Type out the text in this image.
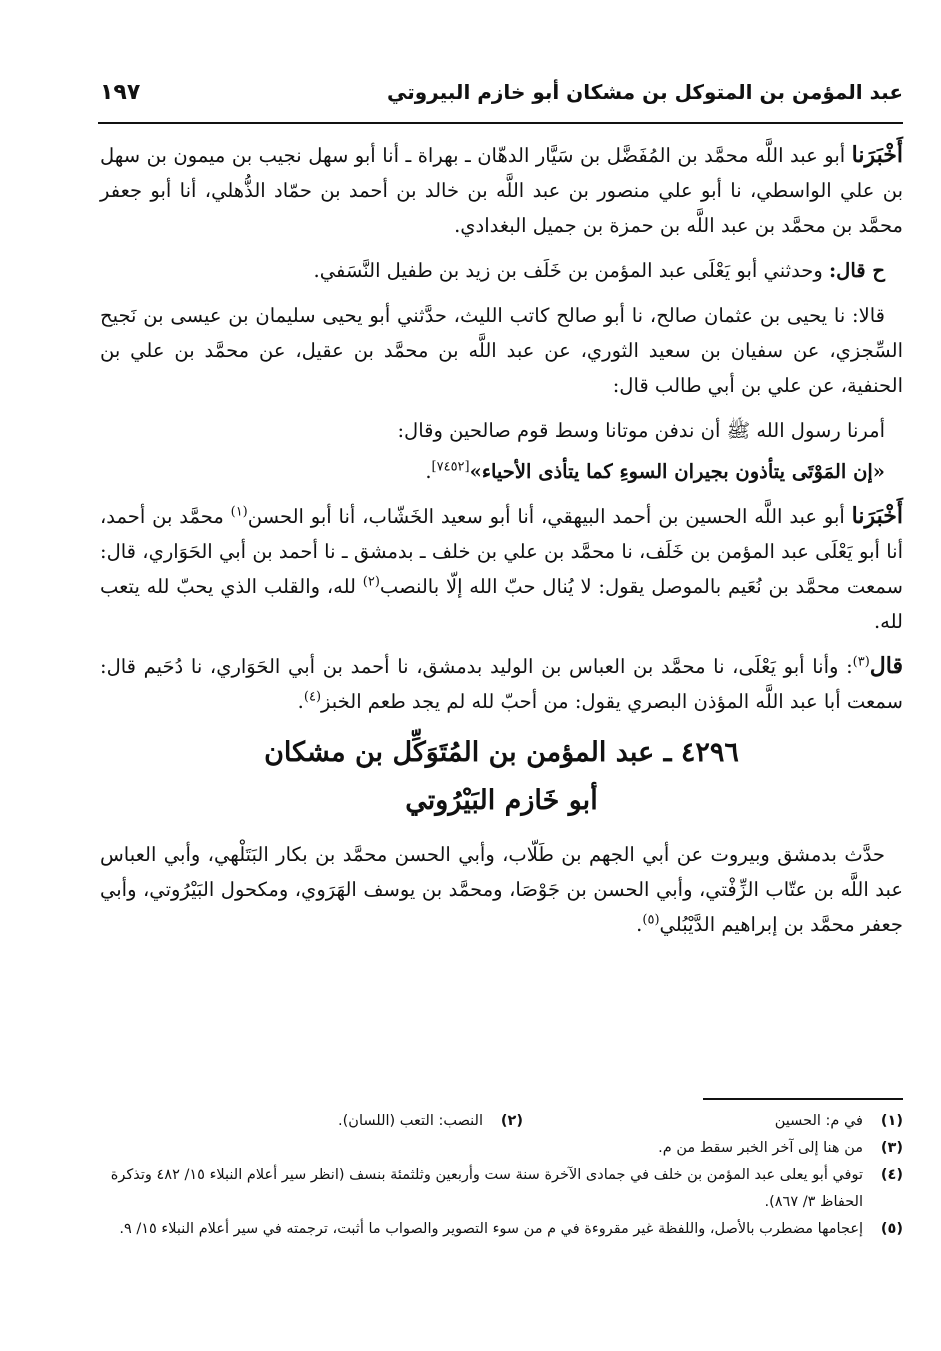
عبد المؤمن بن المتوكل بن مشكان أبو خازم البيروتي
١٩٧

أَخْبَرَنا أبو عبد اللَّه محمَّد بن المُفَضَّل بن سَيَّار الدهّان ـ بهراة ـ أنا أبو سهل نجيب بن ميمون بن سهل بن علي الواسطي، نا أبو علي منصور بن عبد اللَّه بن خالد بن أحمد بن حمّاد الذُّهلي، أنا أبو جعفر محمَّد بن محمَّد بن عبد اللَّه بن حمزة بن جميل البغدادي.

ح قال: وحدثني أبو يَعْلَى عبد المؤمن بن خَلَف بن زيد بن طفيل النَّسَفي.

قالا: نا يحيى بن عثمان صالح، نا أبو صالح كاتب الليث، حدَّثني أبو يحيى سليمان بن عيسى بن نَجيح السِّجزي، عن سفيان بن سعيد الثوري، عن عبد اللَّه بن محمَّد بن عقيل، عن محمَّد بن علي بن الحنفية، عن علي بن أبي طالب قال:

أمرنا رسول الله ﷺ أن ندفن موتانا وسط قوم صالحين وقال:

«إن المَوْتَى يتأذون بجيران السوءِ كما يتأذى الأحياء»[٧٤٥٢].

أَخْبَرَنا أبو عبد اللَّه الحسين بن أحمد البيهقي، أنا أبو سعيد الخَشّاب، أنا أبو الحسن$^{(١)}$ محمَّد بن أحمد، أنا أبو يَعْلَى عبد المؤمن بن خَلَف، نا محمَّد بن علي بن خلف ـ بدمشق ـ نا أحمد بن أبي الحَوَاري، قال: سمعت محمَّد بن نُعَيم بالموصل يقول: لا يُنال حبّ الله إلّا بالنصب$^{(٢)}$ لله، والقلب الذي يحبّ لله يتعب لله.

قال$^{(٣)}$: وأنا أبو يَعْلَى، نا محمَّد بن العباس بن الوليد بدمشق، نا أحمد بن أبي الحَوَاري، نا دُحَيم قال: سمعت أبا عبد اللَّه المؤذن البصري يقول: من أحبّ لله لم يجد طعم الخبز$^{(٤)}$.

٤٢٩٦ ـ عبد المؤمن بن المُتَوَكِّل بن مشكان
أبو خَازم البَيْرُوتي

حدَّث بدمشق وبيروت عن أبي الجهم بن طَلّاب، وأبي الحسن محمَّد بن بكار البَتَلْهي، وأبي العباس عبد اللَّه بن عتّاب الزِّفْتي، وأبي الحسن بن جَوْصَا، ومحمَّد بن يوسف الهَرَوي، ومكحول البَيْرُوتي، وأبي جعفر محمَّد بن إبراهيم الدَّيْبُلي$^{(٥)}$.

(١)
في م: الحسين
(٢)
النصب: التعب (اللسان).
(٣)
من هنا إلى آخر الخبر سقط من م.
(٤)
توفي أبو يعلى عبد المؤمن بن خلف في جمادى الآخرة سنة ست وأربعين وثلثمئة بنسف (انظر سير أعلام النبلاء ١٥/ ٤٨٢ وتذكرة الحفاظ ٣/ ٨٦٧).
(٥)
إعجامها مضطرب بالأصل، واللفظة غير مقروءة في م من سوء التصوير والصواب ما أثبت، ترجمته في سير أعلام النبلاء ١٥/ ٩.
